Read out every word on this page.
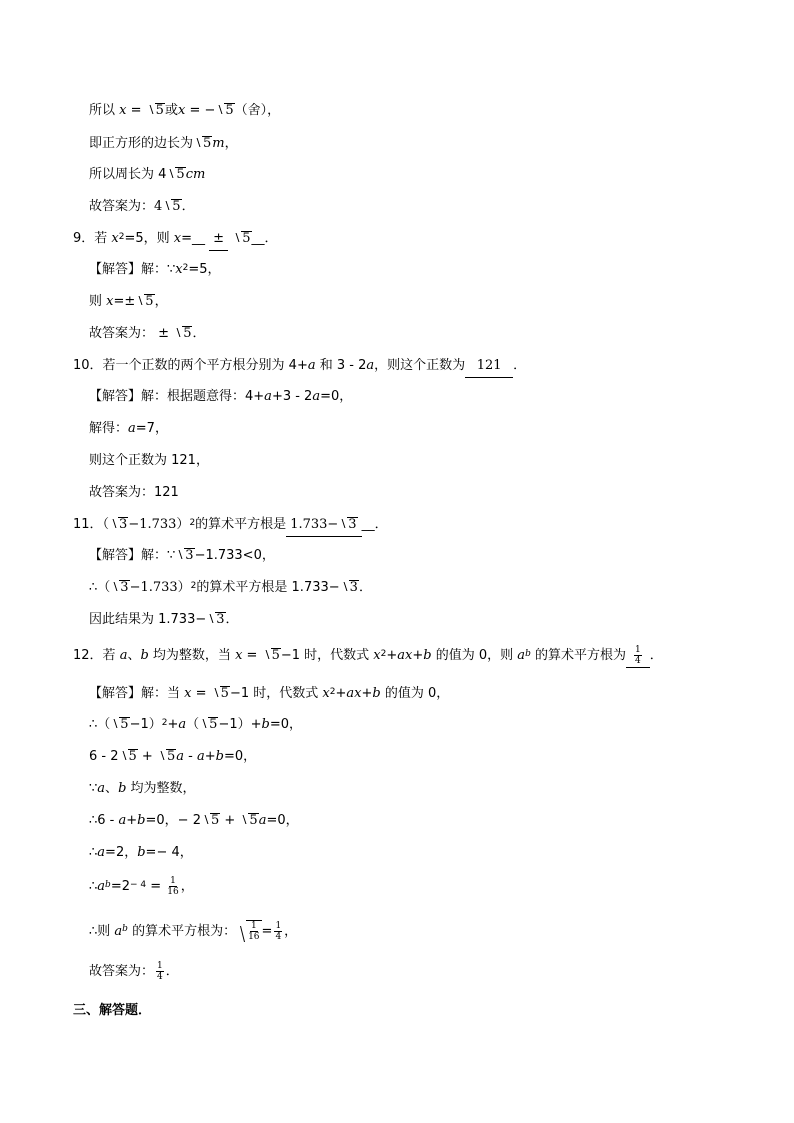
所以 x = 5或x = − 5（舍），
即正方形的边长为 5m，
所以周长为 4 5cm
故答案为：4 5．
9．若 $x^2=5$，则 x=__ ± 5__．
【解答】解：$\because x^2=5$，
则 x=± 5，
故答案为： ± 5．
10．若一个正数的两个平方根分别为 4+a 和 3 - 2a，则这个正数为 121 ．
【解答】解：根据题意得：4+a+3 - 2a=0，
解得：a=7，
则这个正数为 121，
故答案为：121
11．（ 3−1.733）$^2$的算术平方根是 1.733− 3 __．
【解答】解：∵ 3−1.733<0，
∴（ 3−1.733）$^2$的算术平方根是 1.733− 3．
因此结果为 1.733− 3．
12．若 a、b 均为整数，当 x = 5−1 时，代数式 $x^2+ax+b$ 的值为 0，则 $a^b$ 的算术平方根为 $\frac{1}{4}$ ．
【解答】解：当 x = 5−1 时，代数式 $x^2+ax+b$ 的值为 0，
∴（ 5−1）$^2$+a（ 5−1）+b=0，
6 - 2 5 + 5a - a+b=0，
∵a、b 均为整数，
∴6 - a+b=0，− 2 5 + 5a=0，
∴a=2，b=− 4，
$\therefore a^b=2^{- 4} = \frac{1}{16}$ ，
∴则 $a^b$ 的算术平方根为： $\frac{1}{16} = \frac{1}{4}$ ，
故答案为： $\frac{1}{4}$ ．
三、解答题．
